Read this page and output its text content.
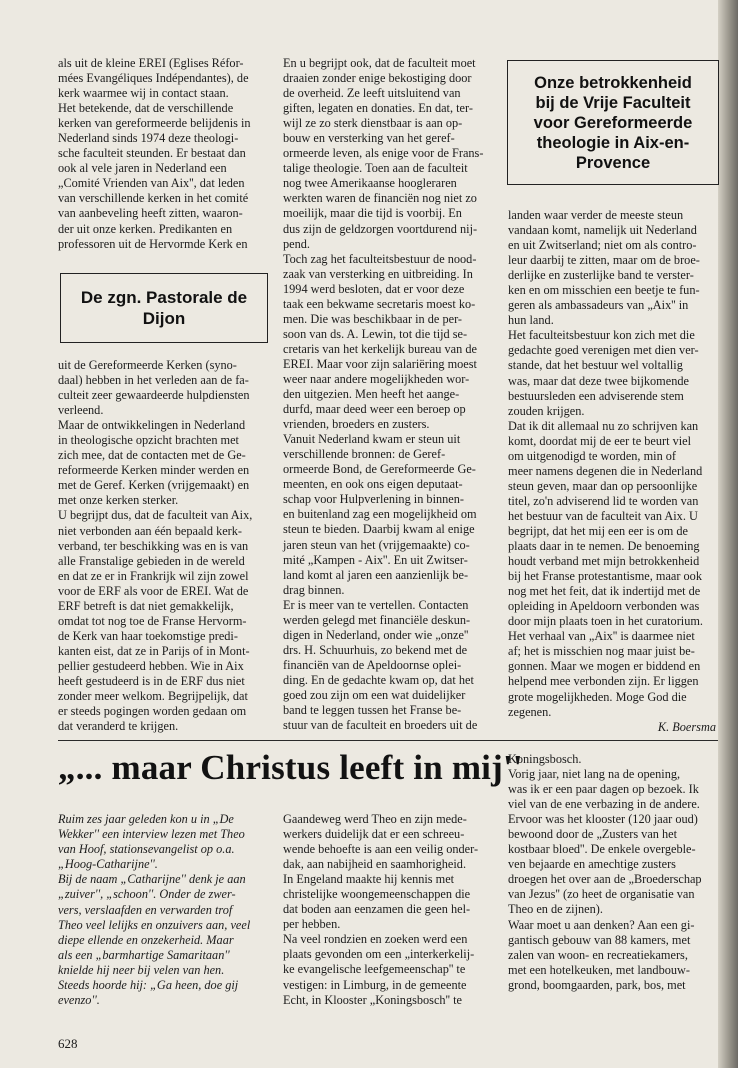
als uit de kleine EREI (Eglises Réfor-
mées Evangéliques Indépendantes), de
kerk waarmee wij in contact staan.
Het betekende, dat de verschillende
kerken van gereformeerde belijdenis in
Nederland sinds 1974 deze theologi-
sche faculteit steunden. Er bestaat dan
ook al vele jaren in Nederland een
„Comité Vrienden van Aix'', dat leden
van verschillende kerken in het comité
van aanbeveling heeft zitten, waaron-
der uit onze kerken. Predikanten en
professoren uit de Hervormde Kerk en
De zgn. Pastorale de
Dijon
uit de Gereformeerde Kerken (syno-
daal) hebben in het verleden aan de fa-
culteit zeer gewaardeerde hulpdiensten
verleend.
Maar de ontwikkelingen in Nederland
in theologische opzicht brachten met
zich mee, dat de contacten met de Ge-
reformeerde Kerken minder werden en
met de Geref. Kerken (vrijgemaakt) en
met onze kerken sterker.
U begrijpt dus, dat de faculteit van Aix,
niet verbonden aan één bepaald kerk-
verband, ter beschikking was en is van
alle Franstalige gebieden in de wereld
en dat ze er in Frankrijk wil zijn zowel
voor de ERF als voor de EREI. Wat de
ERF betreft is dat niet gemakkelijk,
omdat tot nog toe de Franse Hervorm-
de Kerk van haar toekomstige predi-
kanten eist, dat ze in Parijs of in Mont-
pellier gestudeerd hebben. Wie in Aix
heeft gestudeerd is in de ERF dus niet
zonder meer welkom. Begrijpelijk, dat
er steeds pogingen worden gedaan om
dat veranderd te krijgen.
En u begrijpt ook, dat de faculteit moet
draaien zonder enige bekostiging door
de overheid. Ze leeft uitsluitend van
giften, legaten en donaties. En dat, ter-
wijl ze zo sterk dienstbaar is aan op-
bouw en versterking van het geref-
ormeerde leven, als enige voor de Frans-
talige theologie. Toen aan de faculteit
nog twee Amerikaanse hoogleraren
werkten waren de financiën nog niet zo
moeilijk, maar die tijd is voorbij. En
dus zijn de geldzorgen voortdurend nij-
pend.
Toch zag het faculteitsbestuur de nood-
zaak van versterking en uitbreiding. In
1994 werd besloten, dat er voor deze
taak een bekwame secretaris moest ko-
men. Die was beschikbaar in de per-
soon van ds. A. Lewin, tot die tijd se-
cretaris van het kerkelijk bureau van de
EREI. Maar voor zijn salariëring moest
weer naar andere mogelijkheden wor-
den uitgezien. Men heeft het aange-
durfd, maar deed weer een beroep op
vrienden, broeders en zusters.
Vanuit Nederland kwam er steun uit
verschillende bronnen: de Geref-
ormeerde Bond, de Gereformeerde Ge-
meenten, en ook ons eigen deputaat-
schap voor Hulpverlening in binnen-
en buitenland zag een mogelijkheid om
steun te bieden. Daarbij kwam al enige
jaren steun van het (vrijgemaakte) co-
mité „Kampen - Aix''. En uit Zwitser-
land komt al jaren een aanzienlijk be-
drag binnen.
Er is meer van te vertellen. Contacten
werden gelegd met financiële deskun-
digen in Nederland, onder wie „onze''
drs. H. Schuurhuis, zo bekend met de
financiën van de Apeldoornse oplei-
ding. En de gedachte kwam op, dat het
goed zou zijn om een wat duidelijker
band te leggen tussen het Franse be-
stuur van de faculteit en broeders uit de
Onze betrokkenheid
bij de Vrije Faculteit
voor Gereformeerde
theologie in Aix-en-
Provence
landen waar verder de meeste steun
vandaan komt, namelijk uit Nederland
en uit Zwitserland; niet om als contro-
leur daarbij te zitten, maar om de broe-
derlijke en zusterlijke band te verster-
ken en om misschien een beetje te fun-
geren als ambassadeurs van „Aix'' in
hun land.
Het faculteitsbestuur kon zich met die
gedachte goed verenigen met dien ver-
stande, dat het bestuur wel voltallig
was, maar dat deze twee bijkomende
bestuursleden een adviserende stem
zouden krijgen.
Dat ik dit allemaal nu zo schrijven kan
komt, doordat mij de eer te beurt viel
om uitgenodigd te worden, min of
meer namens degenen die in Nederland
steun geven, maar dan op persoonlijke
titel, zo'n adviserend lid te worden van
het bestuur van de faculteit van Aix. U
begrijpt, dat het mij een eer is om de
plaats daar in te nemen. De benoeming
houdt verband met mijn betrokkenheid
bij het Franse protestantisme, maar ook
nog met het feit, dat ik indertijd met de
opleiding in Apeldoorn verbonden was
door mijn plaats toen in het curatorium.
Het verhaal van „Aix'' is daarmee niet
af; het is misschien nog maar juist be-
gonnen. Maar we mogen er biddend en
helpend mee verbonden zijn. Er liggen
grote mogelijkheden. Moge God die
zegenen.
K. Boersma
„... maar Christus leeft in mij''
Ruim zes jaar geleden kon u in „De
Wekker'' een interview lezen met Theo
van Hoof, stationsevangelist op o.a.
„Hoog-Catharijne''.
Bij de naam „Catharijne'' denk je aan
„zuiver'', „schoon''. Onder de zwer-
vers, verslaafden en verwarden trof
Theo veel lelijks en onzuivers aan, veel
diepe ellende en onzekerheid. Maar
als een „barmhartige Samaritaan''
knielde hij neer bij velen van hen.
Steeds hoorde hij: „Ga heen, doe gij
evenzo''.
Gaandeweg werd Theo en zijn mede-
werkers duidelijk dat er een schreeu-
wende behoefte is aan een veilig onder-
dak, aan nabijheid en saamhorigheid.
In Engeland maakte hij kennis met
christelijke woongemeenschappen die
dat boden aan eenzamen die geen hel-
per hebben.
Na veel rondzien en zoeken werd een
plaats gevonden om een „interkerkelij-
ke evangelische leefgemeenschap'' te
vestigen: in Limburg, in de gemeente
Echt, in Klooster „Koningsbosch'' te
Koningsbosch.
Vorig jaar, niet lang na de opening,
was ik er een paar dagen op bezoek. Ik
viel van de ene verbazing in de andere.
Ervoor was het klooster (120 jaar oud)
bewoond door de „Zusters van het
kostbaar bloed''. De enkele overgeble-
ven bejaarde en amechtige zusters
droegen het over aan de „Broederschap
van Jezus'' (zo heet de organisatie van
Theo en de zijnen).
Waar moet u aan denken? Aan een gi-
gantisch gebouw van 88 kamers, met
zalen van woon- en recreatiekamers,
met een hotelkeuken, met landbouw-
grond, boomgaarden, park, bos, met
628
